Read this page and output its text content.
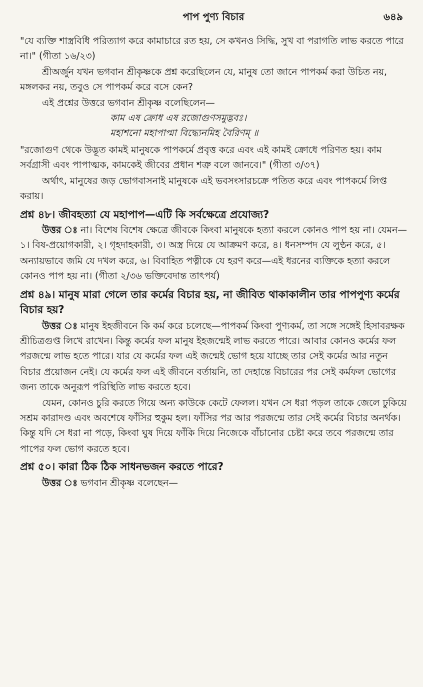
পাপ পুণ্য বিচার	৬৪৯

"যে ব্যক্তি শাস্ত্রবিধি পরিত্যাগ করে কামাচারে রত হয়, সে কখনও সিদ্ধি, সুখ বা পরাগতি লাভ করতে পারে না।" (গীতা ১৬/২৩)

শ্রীঅর্জুন যখন ভগবান শ্রীকৃষ্ণকে প্রশ্ন করেছিলেন যে, মানুষ তো জানে পাপকর্ম করা উচিত নয়, মঙ্গলকর নয়, তবুও সে পাপকর্ম করে বসে কেন?

এই প্রশ্নের উত্তরে ভগবান শ্রীকৃষ্ণ বলেছিলেন—

কাম এষ ক্রোধ এষ রজোগুণসমুদ্ভবঃ।

মহাশনো মহাপাপ্মা বিদ্ধ্যেনমিহ বৈরিণম্‌ ॥

"রজোগুণ থেকে উদ্ভূত কামই মানুষকে পাপকর্মে প্রবৃত্ত করে এবং এই কামই ক্রোধে পরিণত হয়। কাম সর্বগ্রাসী এবং পাপাত্মক, কামকেই জীবের প্রধান শত্রু বলে জানবে।" (গীতা ৩/৩৭)

অর্থাৎ, মানুষের জড় ভোগবাসনাই মানুষকে এই ভবসংসারচক্রে পতিত করে এবং পাপকর্মে লিপ্ত করায়।

প্রশ্ন ৪৮। জীবহত্যা যে মহাপাপ—এটি কি সর্বক্ষেত্রে প্রযোজ্য?

উত্তর ঃ না। বিশেষ বিশেষ ক্ষেত্রে জীবকে কিংবা মানুষকে হত্যা করলে কোনও পাপ হয় না। যেমন—১। বিষ-প্রয়োগকারী, ২। গৃহদাহকারী, ৩। অস্ত্র দিয়ে যে আক্রমণ করে, ৪। ধনসম্পদ যে লুণ্ঠন করে, ৫। অন্যায়ভাবে জমি যে দখল করে, ৬। বিবাহিত পত্নীকে যে হরণ করে—এই ধরনের ব্যক্তিকে হত্যা করলে কোনও পাপ হয় না। (গীতা ২/৩৬ ভক্তিবেদান্ত তাৎপর্য)

প্রশ্ন ৪৯। মানুষ মারা গেলে তার কর্মের বিচার হয়, না জীবিত থাকাকালীন তার পাপপুণ্য কর্মের বিচার হয়?

উত্তর ঃ মানুষ ইহজীবনে কি কর্ম করে চলেছে—পাপকর্ম কিংবা পুণ্যকর্ম, তা সঙ্গে সঙ্গেই হিসাবরক্ষক শ্রীচিত্রগুপ্ত লিখে রাখেন। কিন্তু কর্মের ফল মানুষ ইহজন্মেই লাভ করতে পারে। আবার কোনও কর্মের ফল পরজন্মে লাভ হতে পারে। যার যে কর্মের ফল এই জন্মেই ভোগ হয়ে যাচ্ছে তার সেই কর্মের আর নতুন বিচার প্রয়োজন নেই। যে কর্মের ফল এই জীবনে বর্তায়নি, তা দেহান্তে বিচারের পর সেই কর্মফল ভোগের জন্য তাকে অনুরূপ পরিস্থিতি লাভ করতে হবে।

যেমন, কোনও চুরি করতে গিয়ে অন্য কাউকে কেটে ফেলল। যখন সে ধরা পড়ল তাকে জেলে ঢুকিয়ে সশ্রম কারাদণ্ড এবং অবশেষে ফাঁসির হুকুম হল। ফাঁসির পর আর পরজন্মে তার সেই কর্মের বিচার অনর্থক। কিন্তু যদি সে ধরা না পড়ে, কিংবা ঘুষ দিয়ে ফাঁকি দিয়ে নিজেকে বাঁচানোর চেষ্টা করে তবে পরজন্মে তার পাপের ফল ভোগ করতে হবে।

প্রশ্ন ৫০। কারা ঠিক ঠিক সাধনভজন করতে পারে?

উত্তর ঃ ভগবান শ্রীকৃষ্ণ বলেছেন—
